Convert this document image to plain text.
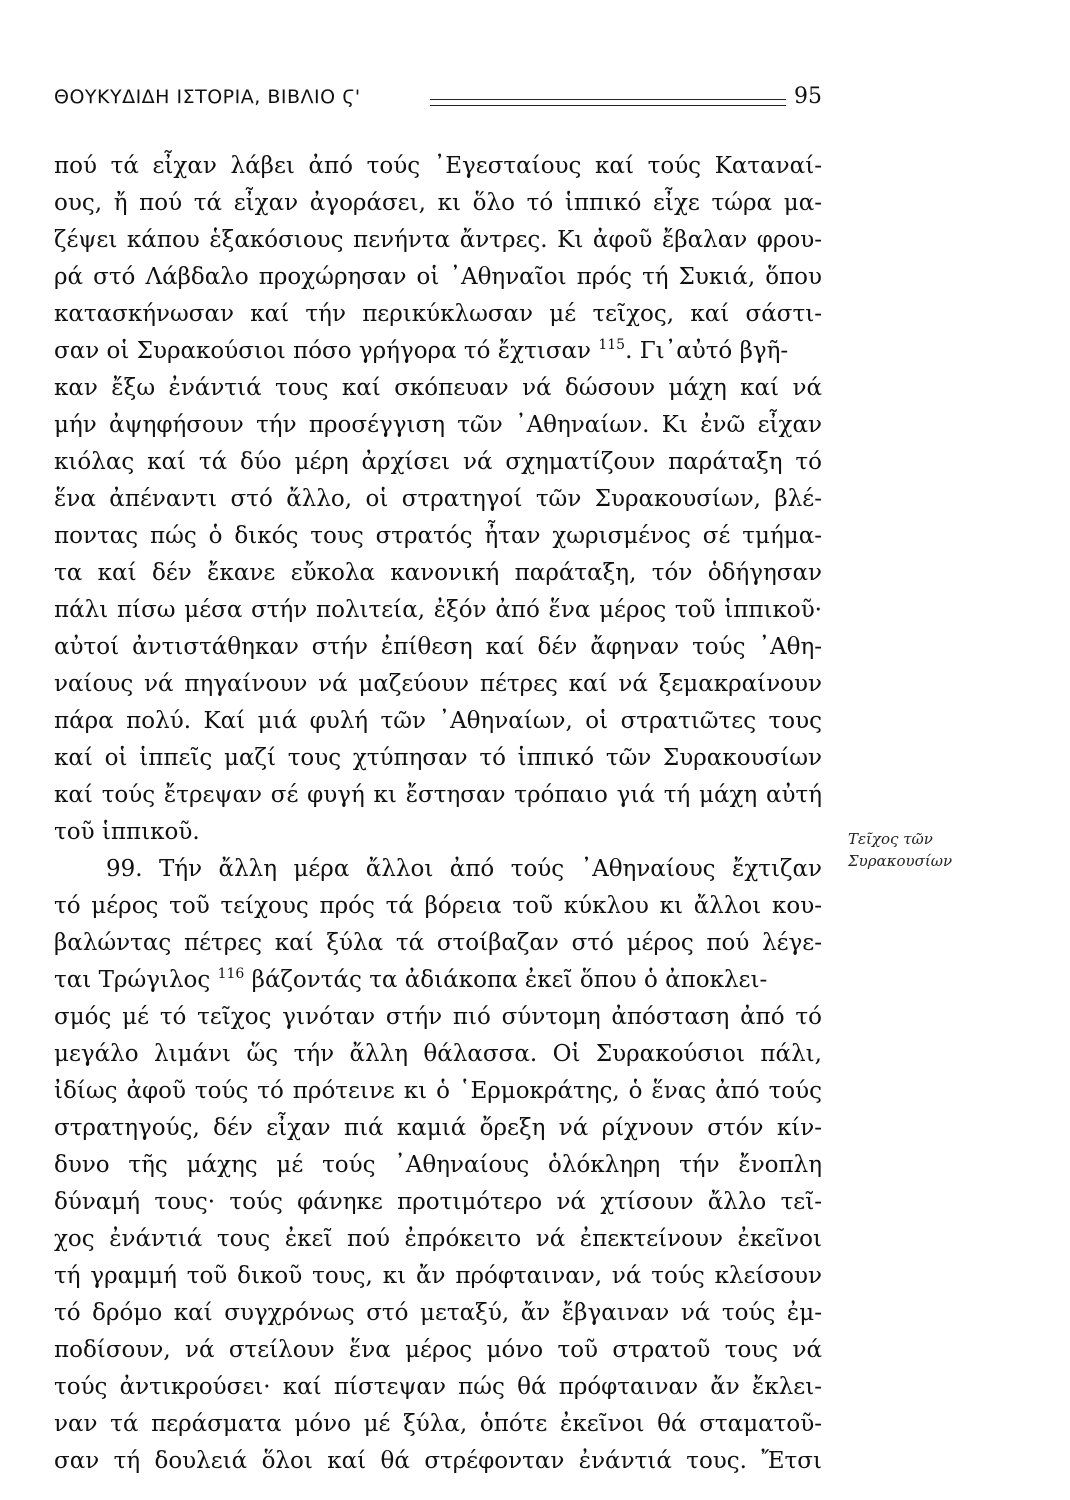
ΘΟΥΚΥΔΙΔΗ ΙΣΤΟΡΙΑ, ΒΙΒΛΙΟ Ϛ'	95
πού τά εἶχαν λάβει ἀπό τούς ᾿Εγεσταίους καί τούς Καταναί-
ους, ἤ πού τά εἶχαν ἀγοράσει, κι ὅλο τό ἱππικό εἶχε τώρα μα-
ζέψει κάπου ἑξακόσιους πενήντα ἄντρες. Κι ἀφοῦ ἔβαλαν φρου-
ρά στό Λάβδαλο προχώρησαν οἱ ᾿Αθηναῖοι πρός τή Συκιά, ὅπου
κατασκήνωσαν καί τήν περικύκλωσαν μέ τεῖχος, καί σάστι-
σαν οἱ Συρακούσιοι πόσο γρήγορα τό ἔχτισαν $^{115}$. Γι᾿αὐτό βγῆ-
καν ἔξω ἐνάντιά τους καί σκόπευαν νά δώσουν μάχη καί νά
μήν ἀψηφήσουν τήν προσέγγιση τῶν ᾿Αθηναίων. Κι ἐνῶ εἶχαν
κιόλας καί τά δύο μέρη ἀρχίσει νά σχηματίζουν παράταξη τό
ἕνα ἀπέναντι στό ἄλλο, οἱ στρατηγοί τῶν Συρακουσίων, βλέ-
ποντας πώς ὁ δικός τους στρατός ἦταν χωρισμένος σέ τμήμα-
τα καί δέν ἔκανε εὔκολα κανονική παράταξη, τόν ὁδήγησαν
πάλι πίσω μέσα στήν πολιτεία, ἐξόν ἀπό ἕνα μέρος τοῦ ἱππικοῦ·
αὐτοί ἀντιστάθηκαν στήν ἐπίθεση καί δέν ἄφηναν τούς ᾿Αθη-
ναίους νά πηγαίνουν νά μαζεύουν πέτρες καί νά ξεμακραίνουν
πάρα πολύ. Καί μιά φυλή τῶν ᾿Αθηναίων, οἱ στρατιῶτες τους
καί οἱ ἱππεῖς μαζί τους χτύπησαν τό ἱππικό τῶν Συρακουσίων
καί τούς ἔτρεψαν σέ φυγή κι ἔστησαν τρόπαιο γιά τή μάχη αὐτή
τοῦ ἱππικοῦ.
99. Τήν ἄλλη μέρα ἄλλοι ἀπό τούς ᾿Αθηναίους ἔχτιζαν
τό μέρος τοῦ τείχους πρός τά βόρεια τοῦ κύκλου κι ἄλλοι κου-
βαλώντας πέτρες καί ξύλα τά στοίβαζαν στό μέρος πού λέγε-
ται Τρώγιλος $^{116}$ βάζοντάς τα ἀδιάκοπα ἐκεῖ ὅπου ὁ ἀποκλει-
σμός μέ τό τεῖχος γινόταν στήν πιό σύντομη ἀπόσταση ἀπό τό
μεγάλο λιμάνι ὥς τήν ἄλλη θάλασσα. Οἱ Συρακούσιοι πάλι,
ἰδίως ἀφοῦ τούς τό πρότεινε κι ὁ ῾Ερμοκράτης, ὁ ἕνας ἀπό τούς
στρατηγούς, δέν εἶχαν πιά καμιά ὄρεξη νά ρίχνουν στόν κίν-
δυνο τῆς μάχης μέ τούς ᾿Αθηναίους ὁλόκληρη τήν ἔνοπλη
δύναμή τους· τούς φάνηκε προτιμότερο νά χτίσουν ἄλλο τεῖ-
χος ἐνάντιά τους ἐκεῖ πού ἐπρόκειτο νά ἐπεκτείνουν ἐκεῖνοι
τή γραμμή τοῦ δικοῦ τους, κι ἄν πρόφταιναν, νά τούς κλείσουν
τό δρόμο καί συγχρόνως στό μεταξύ, ἄν ἔβγαιναν νά τούς ἐμ-
ποδίσουν, νά στείλουν ἕνα μέρος μόνο τοῦ στρατοῦ τους νά
τούς ἀντικρούσει· καί πίστεψαν πώς θά πρόφταιναν ἄν ἔκλει-
ναν τά περάσματα μόνο μέ ξύλα, ὁπότε ἐκεῖνοι θά σταματοῦ-
σαν τή δουλειά ὅλοι καί θά στρέφονταν ἐνάντιά τους. Ἔτσι
Τεῖχος τῶν
Συρακουσίων
